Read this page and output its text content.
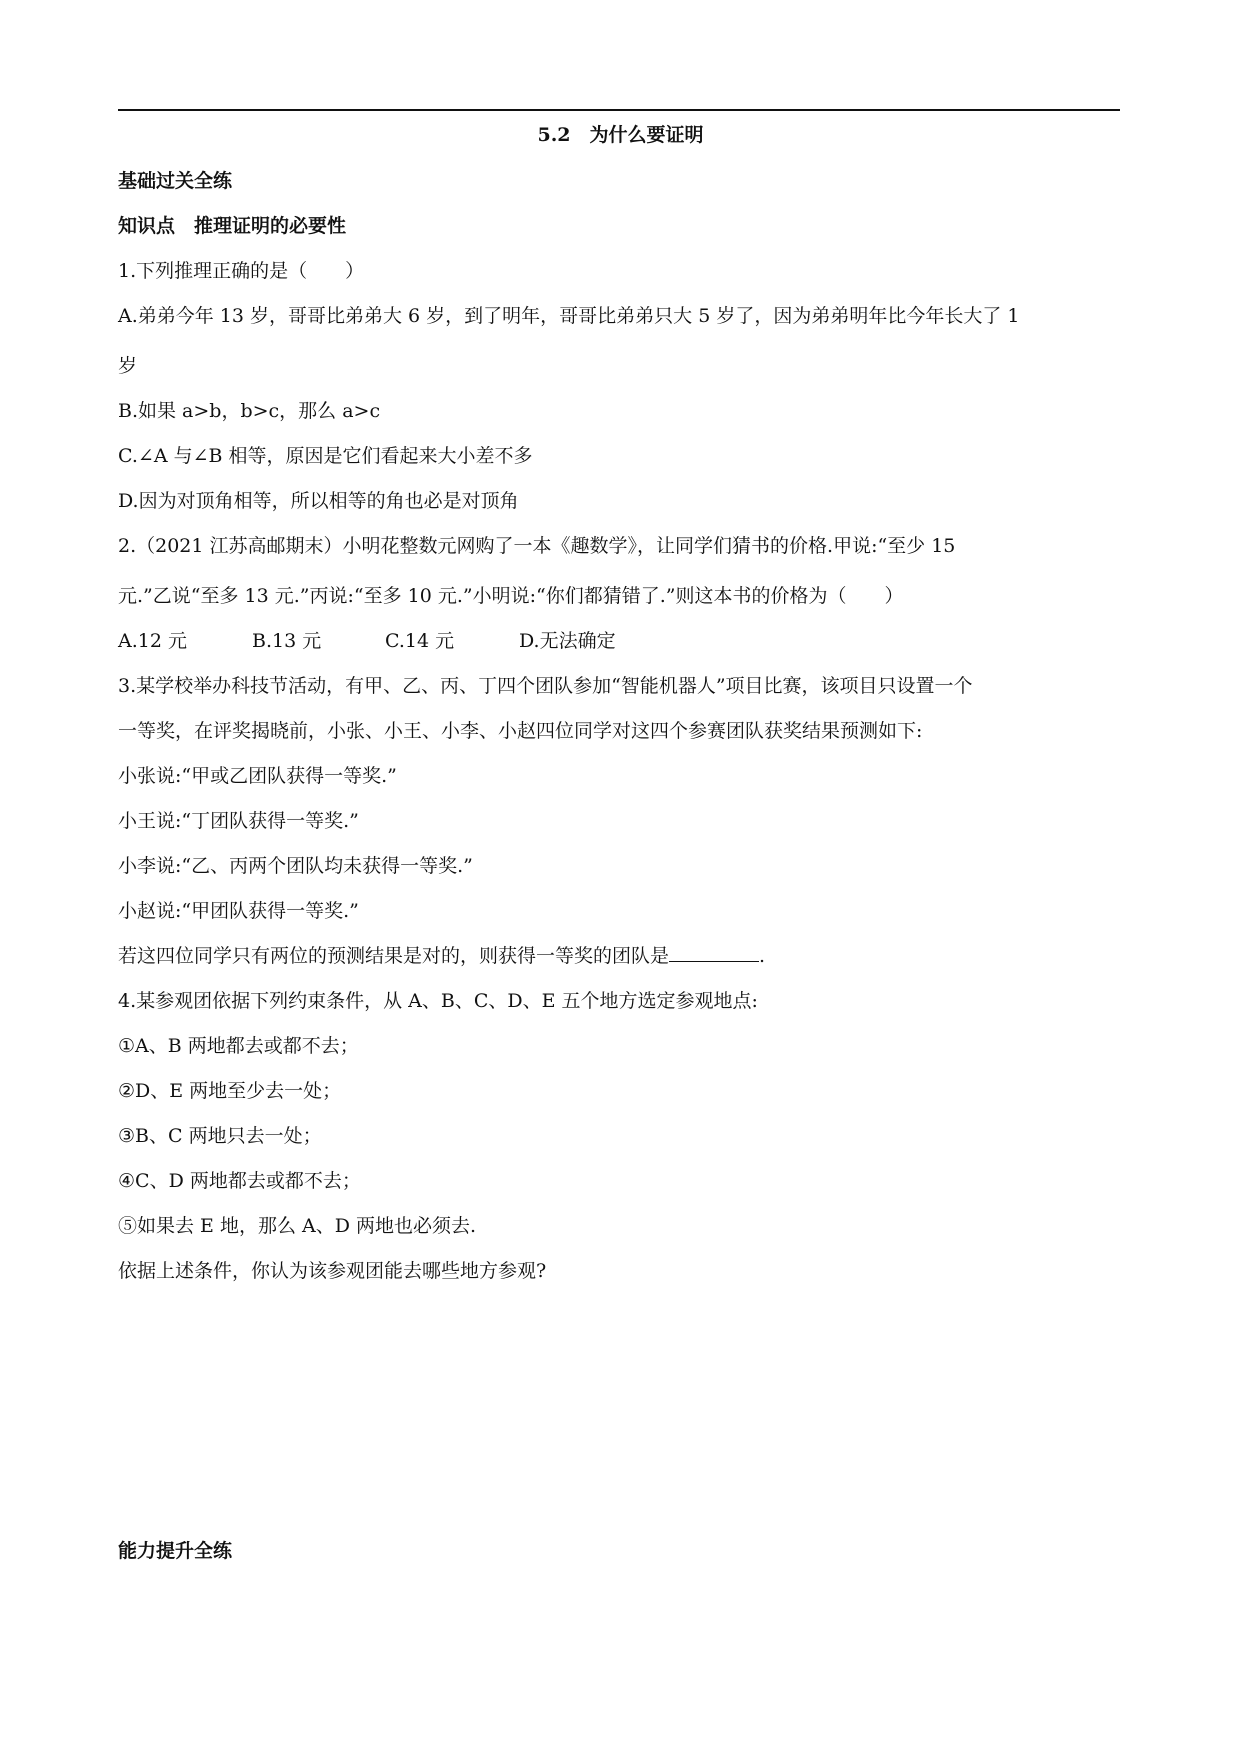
5.2　为什么要证明
基础过关全练
知识点　推理证明的必要性
1.下列推理正确的是（　　）
A.弟弟今年 13 岁，哥哥比弟弟大 6 岁，到了明年，哥哥比弟弟只大 5 岁了，因为弟弟明年比今年长大了 1
岁
B.如果 a>b，b>c，那么 a>c
C.∠A 与∠B 相等，原因是它们看起来大小差不多
D.因为对顶角相等，所以相等的角也必是对顶角
2.（2021 江苏高邮期末）小明花整数元网购了一本《趣数学》，让同学们猜书的价格.甲说:“至少 15
元.”乙说“至多 13 元.”丙说:“至多 10 元.”小明说:“你们都猜错了.”则这本书的价格为（　　）
A.12 元	B.13 元	C.14 元	D.无法确定
3.某学校举办科技节活动，有甲、乙、丙、丁四个团队参加“智能机器人”项目比赛，该项目只设置一个
一等奖，在评奖揭晓前，小张、小王、小李、小赵四位同学对这四个参赛团队获奖结果预测如下:
小张说:“甲或乙团队获得一等奖.”
小王说:“丁团队获得一等奖.”
小李说:“乙、丙两个团队均未获得一等奖.”
小赵说:“甲团队获得一等奖.”
若这四位同学只有两位的预测结果是对的，则获得一等奖的团队是	.
4.某参观团依据下列约束条件，从 A、B、C、D、E 五个地方选定参观地点:
①A、B 两地都去或都不去；
②D、E 两地至少去一处；
③B、C 两地只去一处；
④C、D 两地都去或都不去；
⑤如果去 E 地，那么 A、D 两地也必须去.
依据上述条件，你认为该参观团能去哪些地方参观?
能力提升全练
